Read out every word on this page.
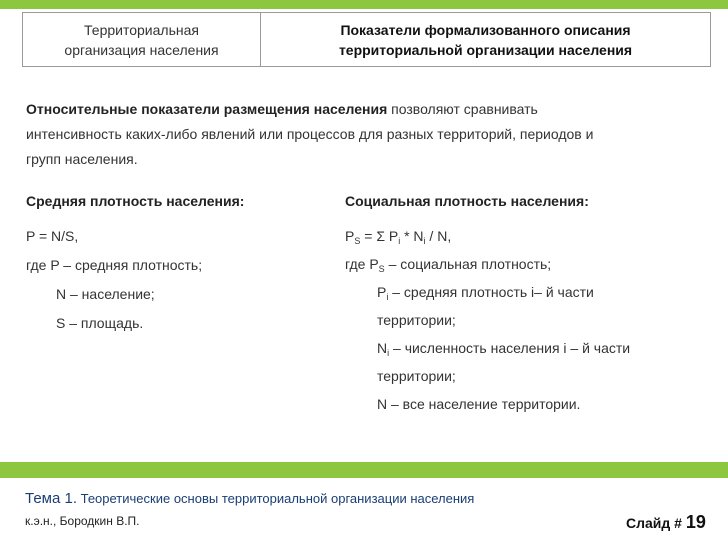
Территориальная
организация населения
Показатели формализованного описания
территориальной организации населения
Относительные показатели размещения населения позволяют сравнивать
интенсивность каких-либо явлений или процессов для разных территорий, периодов и
групп населения.
Средняя плотность населения:
P = N/S,
где P – средняя плотность;
N – население;
S – площадь.
Социальная плотность населения:
$P_S = \Sigma$ $P_i * N_i$ / N,
где $P_S$ – социальная плотность;
$P_i$ – средняя плотность i– й части
территории;
$N_i$ – численность населения i – й части
территории;
N – все население территории.
Тема 1. Теоретические основы территориальной организации населения
к.э.н., Бородкин В.П.	Слайд # 19
